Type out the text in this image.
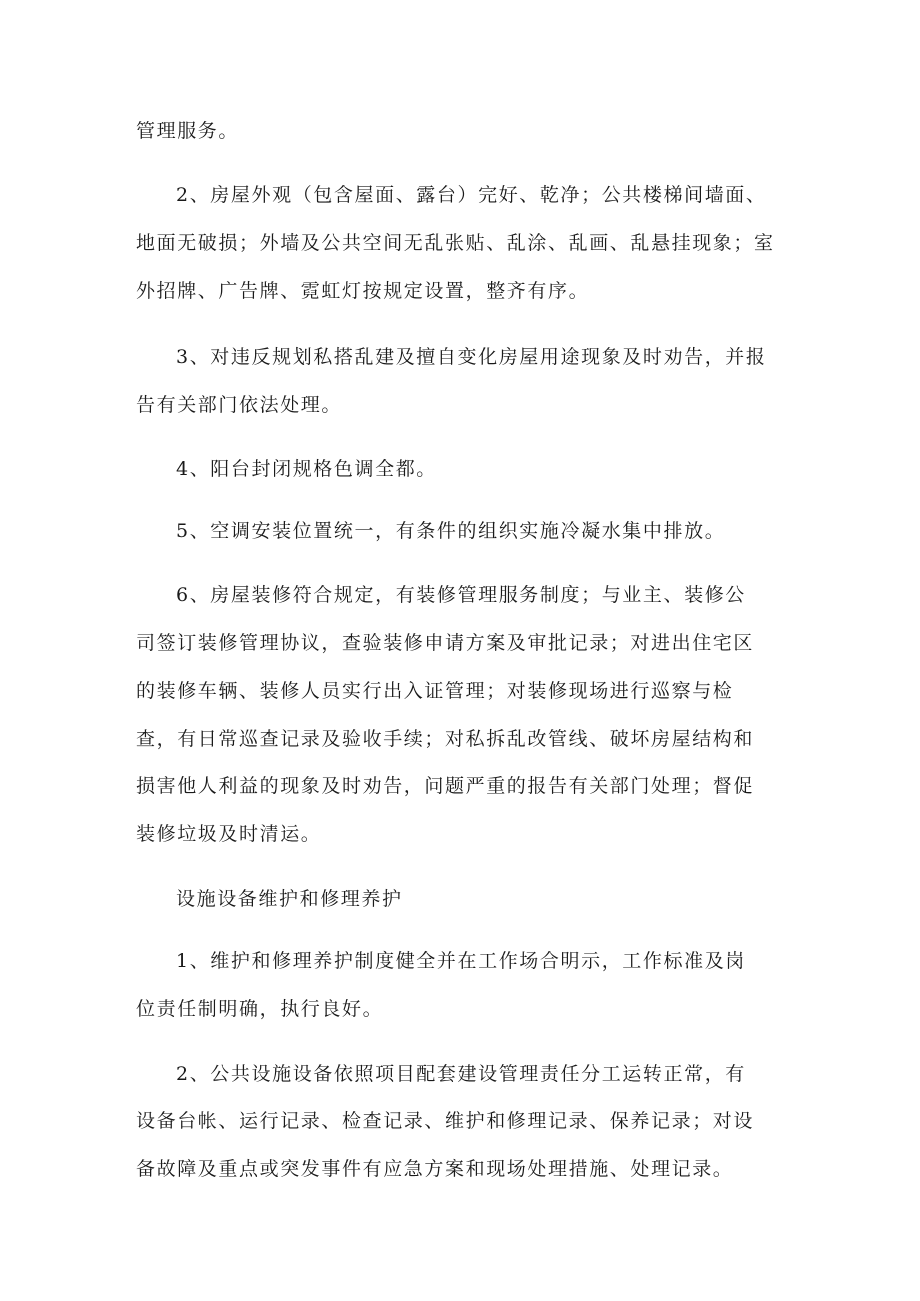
管理服务。

2、房屋外观（包含屋面、露台）完好、乾净；公共楼梯间墙面、

地面无破损；外墙及公共空间无乱张贴、乱涂、乱画、乱悬挂现象；室

外招牌、广告牌、霓虹灯按规定设置，整齐有序。

3、对违反规划私搭乱建及擅自变化房屋用途现象及时劝告，并报

告有关部门依法处理。

4、阳台封闭规格色调全都。

5、空调安装位置统一，有条件的组织实施冷凝水集中排放。

6、房屋装修符合规定，有装修管理服务制度；与业主、装修公

司签订装修管理协议，查验装修申请方案及审批记录；对进出住宅区

的装修车辆、装修人员实行出入证管理；对装修现场进行巡察与检

查，有日常巡查记录及验收手续；对私拆乱改管线、破坏房屋结构和

损害他人利益的现象及时劝告，问题严重的报告有关部门处理；督促

装修垃圾及时清运。

设施设备维护和修理养护

1、维护和修理养护制度健全并在工作场合明示，工作标准及岗

位责任制明确，执行良好。

2、公共设施设备依照项目配套建设管理责任分工运转正常，有

设备台帐、运行记录、检查记录、维护和修理记录、保养记录；对设

备故障及重点或突发事件有应急方案和现场处理措施、处理记录。
